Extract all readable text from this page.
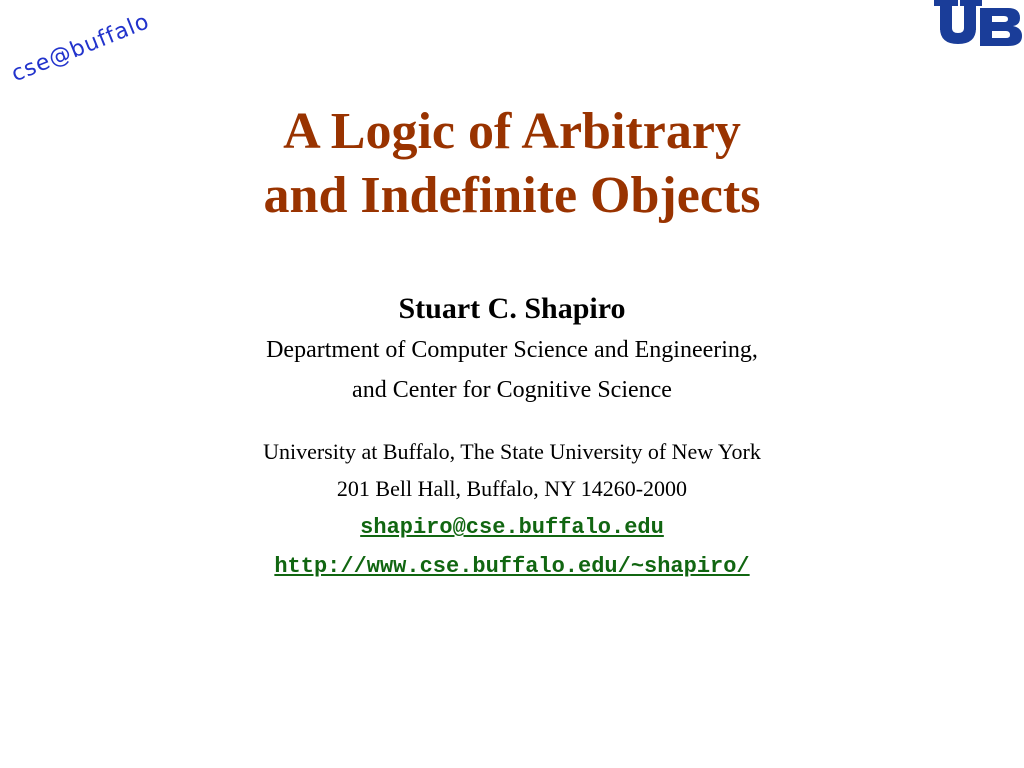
cse@buffalo
A Logic of Arbitrary
and Indefinite Objects
Stuart C. Shapiro
Department of Computer Science and Engineering,
and Center for Cognitive Science
University at Buffalo, The State University of New York
201 Bell Hall, Buffalo, NY 14260-2000
shapiro@cse.buffalo.edu
http://www.cse.buffalo.edu/~shapiro/
